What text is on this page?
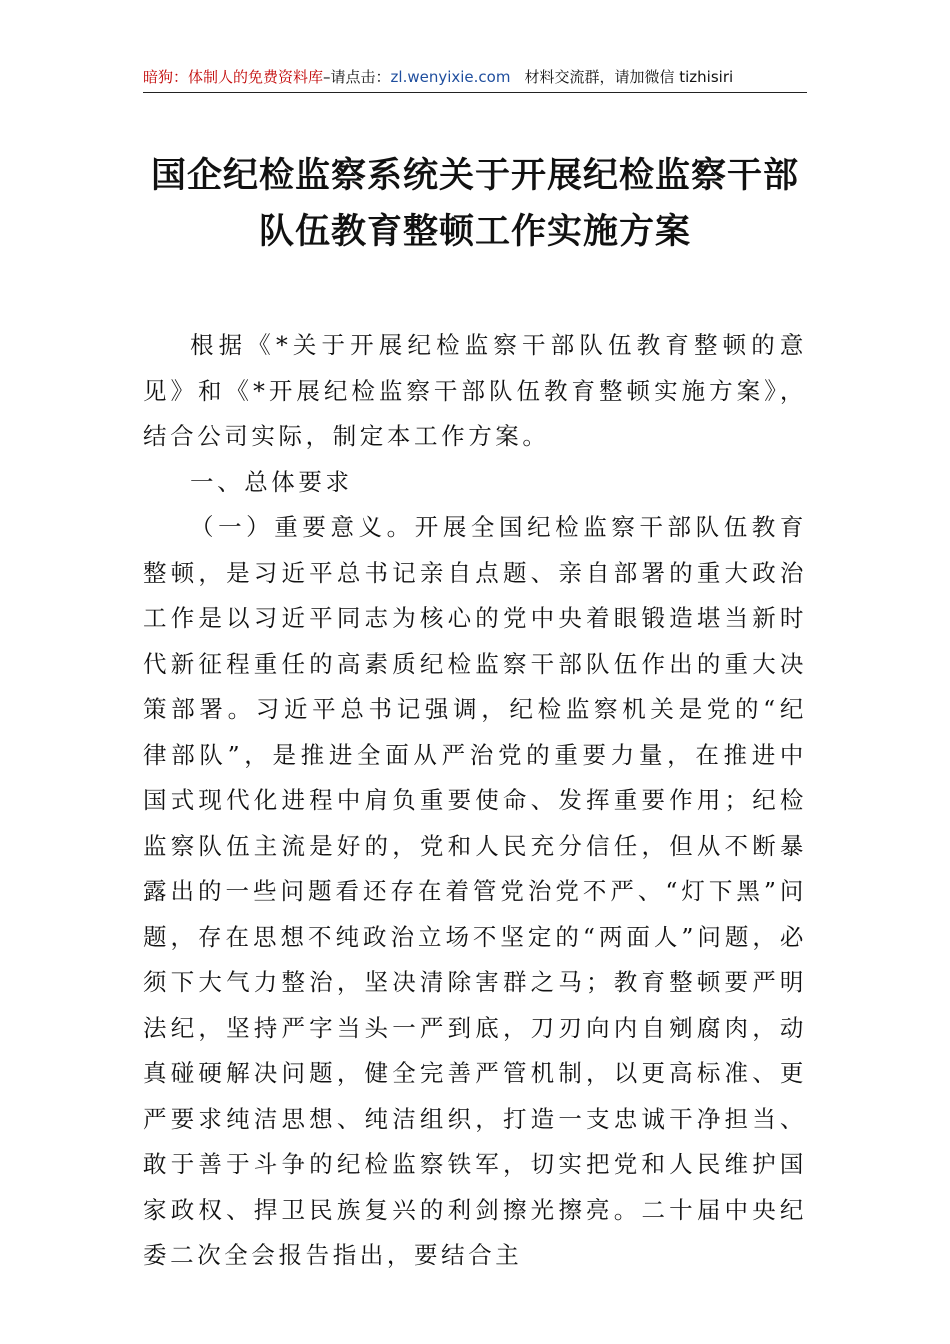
暗狗：体制人的免费资料库–请点击：zl.wenyixie.com 材料交流群，请加微信 tizhisiri
国企纪检监察系统关于开展纪检监察干部
队伍教育整顿工作实施方案

根据《*关于开展纪检监察干部队伍教育整顿的意见》和《*开展纪检监察干部队伍教育整顿实施方案》，结合公司实际，制定本工作方案。

一、总体要求

（一）重要意义。开展全国纪检监察干部队伍教育整顿，是习近平总书记亲自点题、亲自部署的重大政治工作是以习近平同志为核心的党中央着眼锻造堪当新时代新征程重任的高素质纪检监察干部队伍作出的重大决策部署。习近平总书记强调，纪检监察机关是党的“纪律部队”，是推进全面从严治党的重要力量，在推进中国式现代化进程中肩负重要使命、发挥重要作用；纪检监察队伍主流是好的，党和人民充分信任，但从不断暴露出的一些问题看还存在着管党治党不严、“灯下黑”问题，存在思想不纯政治立场不坚定的“两面人”问题，必须下大气力整治，坚决清除害群之马；教育整顿要严明法纪，坚持严字当头一严到底，刀刃向内自剜腐肉，动真碰硬解决问题，健全完善严管机制，以更高标准、更严要求纯洁思想、纯洁组织，打造一支忠诚干净担当、敢于善于斗争的纪检监察铁军，切实把党和人民维护国家政权、捍卫民族复兴的利剑擦光擦亮。二十届中央纪委二次全会报告指出，要结合主
